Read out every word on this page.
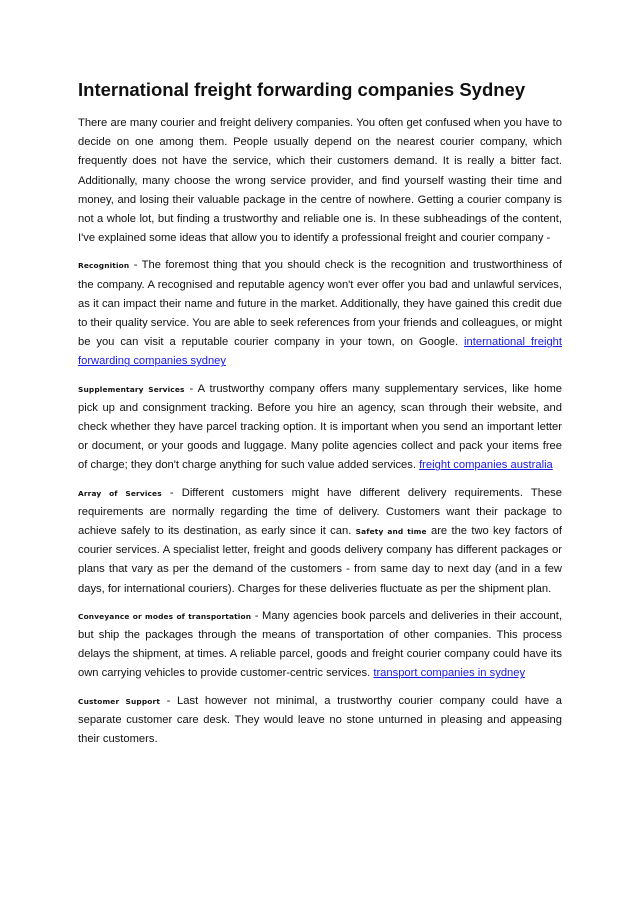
International freight forwarding companies Sydney

There are many courier and freight delivery companies. You often get confused when you have to decide on one among them. People usually depend on the nearest courier company, which frequently does not have the service, which their customers demand. It is really a bitter fact. Additionally, many choose the wrong service provider, and find yourself wasting their time and money, and losing their valuable package in the centre of nowhere. Getting a courier company is not a whole lot, but finding a trustworthy and reliable one is. In these subheadings of the content, I've explained some ideas that allow you to identify a professional freight and courier company -

Recognition - The foremost thing that you should check is the recognition and trustworthiness of the company. A recognised and reputable agency won't ever offer you bad and unlawful services, as it can impact their name and future in the market. Additionally, they have gained this credit due to their quality service. You are able to seek references from your friends and colleagues, or might be you can visit a reputable courier company in your town, on Google. international freight forwarding companies sydney

Supplementary Services - A trustworthy company offers many supplementary services, like home pick up and consignment tracking. Before you hire an agency, scan through their website, and check whether they have parcel tracking option. It is important when you send an important letter or document, or your goods and luggage. Many polite agencies collect and pack your items free of charge; they don't charge anything for such value added services. freight companies australia

Array of Services - Different customers might have different delivery requirements. These requirements are normally regarding the time of delivery. Customers want their package to achieve safely to its destination, as early since it can. Safety and time are the two key factors of courier services. A specialist letter, freight and goods delivery company has different packages or plans that vary as per the demand of the customers - from same day to next day (and in a few days, for international couriers). Charges for these deliveries fluctuate as per the shipment plan.

Conveyance or modes of transportation - Many agencies book parcels and deliveries in their account, but ship the packages through the means of transportation of other companies. This process delays the shipment, at times. A reliable parcel, goods and freight courier company could have its own carrying vehicles to provide customer-centric services. transport companies in sydney

Customer Support - Last however not minimal, a trustworthy courier company could have a separate customer care desk. They would leave no stone unturned in pleasing and appeasing their customers.
